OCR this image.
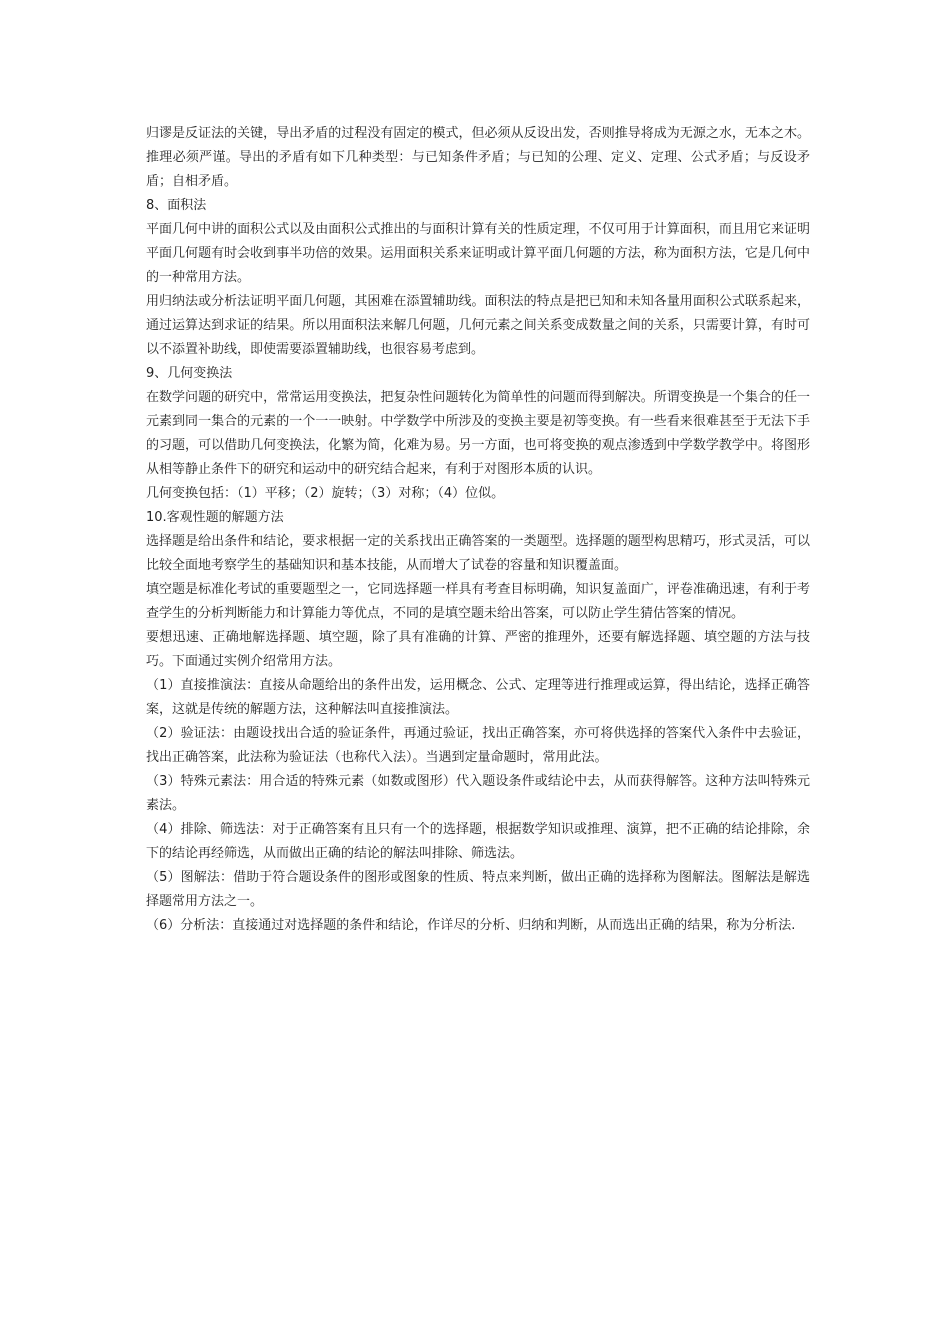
归谬是反证法的关键，导出矛盾的过程没有固定的模式，但必须从反设出发，否则推导将成为无源之水，无本之木。推理必须严谨。导出的矛盾有如下几种类型：与已知条件矛盾；与已知的公理、定义、定理、公式矛盾；与反设矛盾；自相矛盾。

8、面积法

平面几何中讲的面积公式以及由面积公式推出的与面积计算有关的性质定理，不仅可用于计算面积，而且用它来证明平面几何题有时会收到事半功倍的效果。运用面积关系来证明或计算平面几何题的方法，称为面积方法，它是几何中的一种常用方法。

用归纳法或分析法证明平面几何题，其困难在添置辅助线。面积法的特点是把已知和未知各量用面积公式联系起来，通过运算达到求证的结果。所以用面积法来解几何题，几何元素之间关系变成数量之间的关系，只需要计算，有时可以不添置补助线，即使需要添置辅助线，也很容易考虑到。

9、几何变换法

在数学问题的研究中，常常运用变换法，把复杂性问题转化为简单性的问题而得到解决。所谓变换是一个集合的任一元素到同一集合的元素的一个一一映射。中学数学中所涉及的变换主要是初等变换。有一些看来很难甚至于无法下手的习题，可以借助几何变换法，化繁为简，化难为易。另一方面，也可将变换的观点渗透到中学数学教学中。将图形从相等静止条件下的研究和运动中的研究结合起来，有利于对图形本质的认识。

几何变换包括：（1）平移；（2）旋转；（3）对称；（4）位似。

10.客观性题的解题方法

选择题是给出条件和结论，要求根据一定的关系找出正确答案的一类题型。选择题的题型构思精巧，形式灵活，可以比较全面地考察学生的基础知识和基本技能，从而增大了试卷的容量和知识覆盖面。

填空题是标准化考试的重要题型之一，它同选择题一样具有考查目标明确，知识复盖面广，评卷准确迅速，有利于考查学生的分析判断能力和计算能力等优点，不同的是填空题未给出答案，可以防止学生猜估答案的情况。

要想迅速、正确地解选择题、填空题，除了具有准确的计算、严密的推理外，还要有解选择题、填空题的方法与技巧。下面通过实例介绍常用方法。

（1）直接推演法：直接从命题给出的条件出发，运用概念、公式、定理等进行推理或运算，得出结论，选择正确答案，这就是传统的解题方法，这种解法叫直接推演法。

（2）验证法：由题设找出合适的验证条件，再通过验证，找出正确答案，亦可将供选择的答案代入条件中去验证，找出正确答案，此法称为验证法（也称代入法）。当遇到定量命题时，常用此法。

（3）特殊元素法：用合适的特殊元素（如数或图形）代入题设条件或结论中去，从而获得解答。这种方法叫特殊元素法。

（4）排除、筛选法：对于正确答案有且只有一个的选择题，根据数学知识或推理、演算，把不正确的结论排除，余下的结论再经筛选，从而做出正确的结论的解法叫排除、筛选法。

（5）图解法：借助于符合题设条件的图形或图象的性质、特点来判断，做出正确的选择称为图解法。图解法是解选择题常用方法之一。

（6）分析法：直接通过对选择题的条件和结论，作详尽的分析、归纳和判断，从而选出正确的结果，称为分析法.
